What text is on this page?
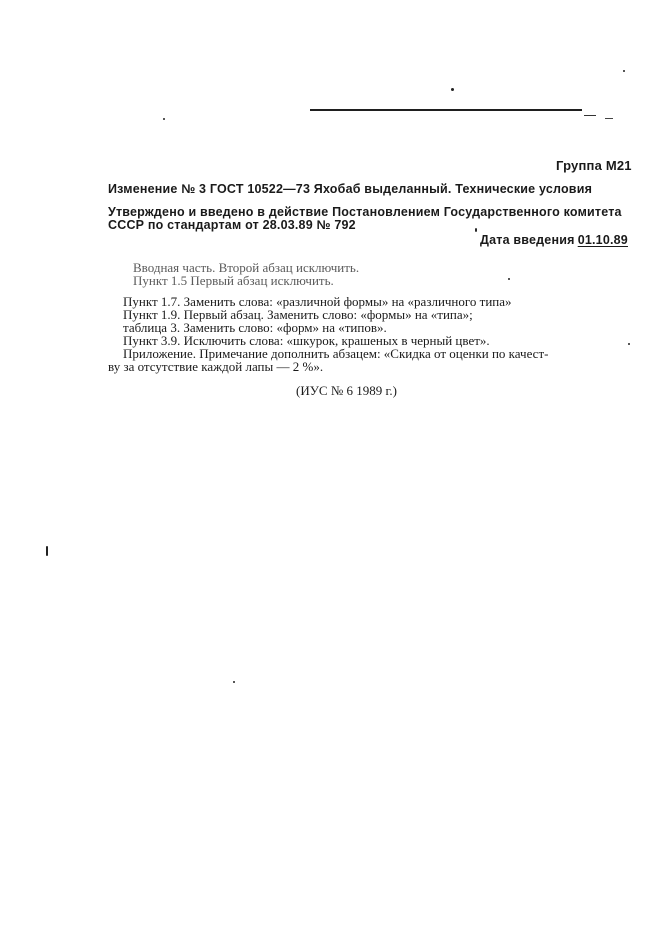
Группа М21

Изменение № 3 ГОСТ 10522—73 Яхобаб выделанный. Технические условия

Утверждено и введено в действие Постановлением Государственного комитета

СССР по стандартам от 28.03.89 № 792

Дата введения 01.10.89

Вводная часть. Второй абзац исключить.

Пункт 1.5 Первый абзац исключить.

Пункт 1.7. Заменить слова: «различной формы» на «различного типа»

Пункт 1.9. Первый абзац. Заменить слово: «формы» на «типа»;

таблица 3. Заменить слово: «форм» на «типов».

Пункт 3.9. Исключить слова: «шкурок, крашеных в черный цвет».

Приложение. Примечание дополнить абзацем: «Скидка от оценки по качест-

ву за отсутствие каждой лапы — 2 %».

(ИУС № 6 1989 г.)
